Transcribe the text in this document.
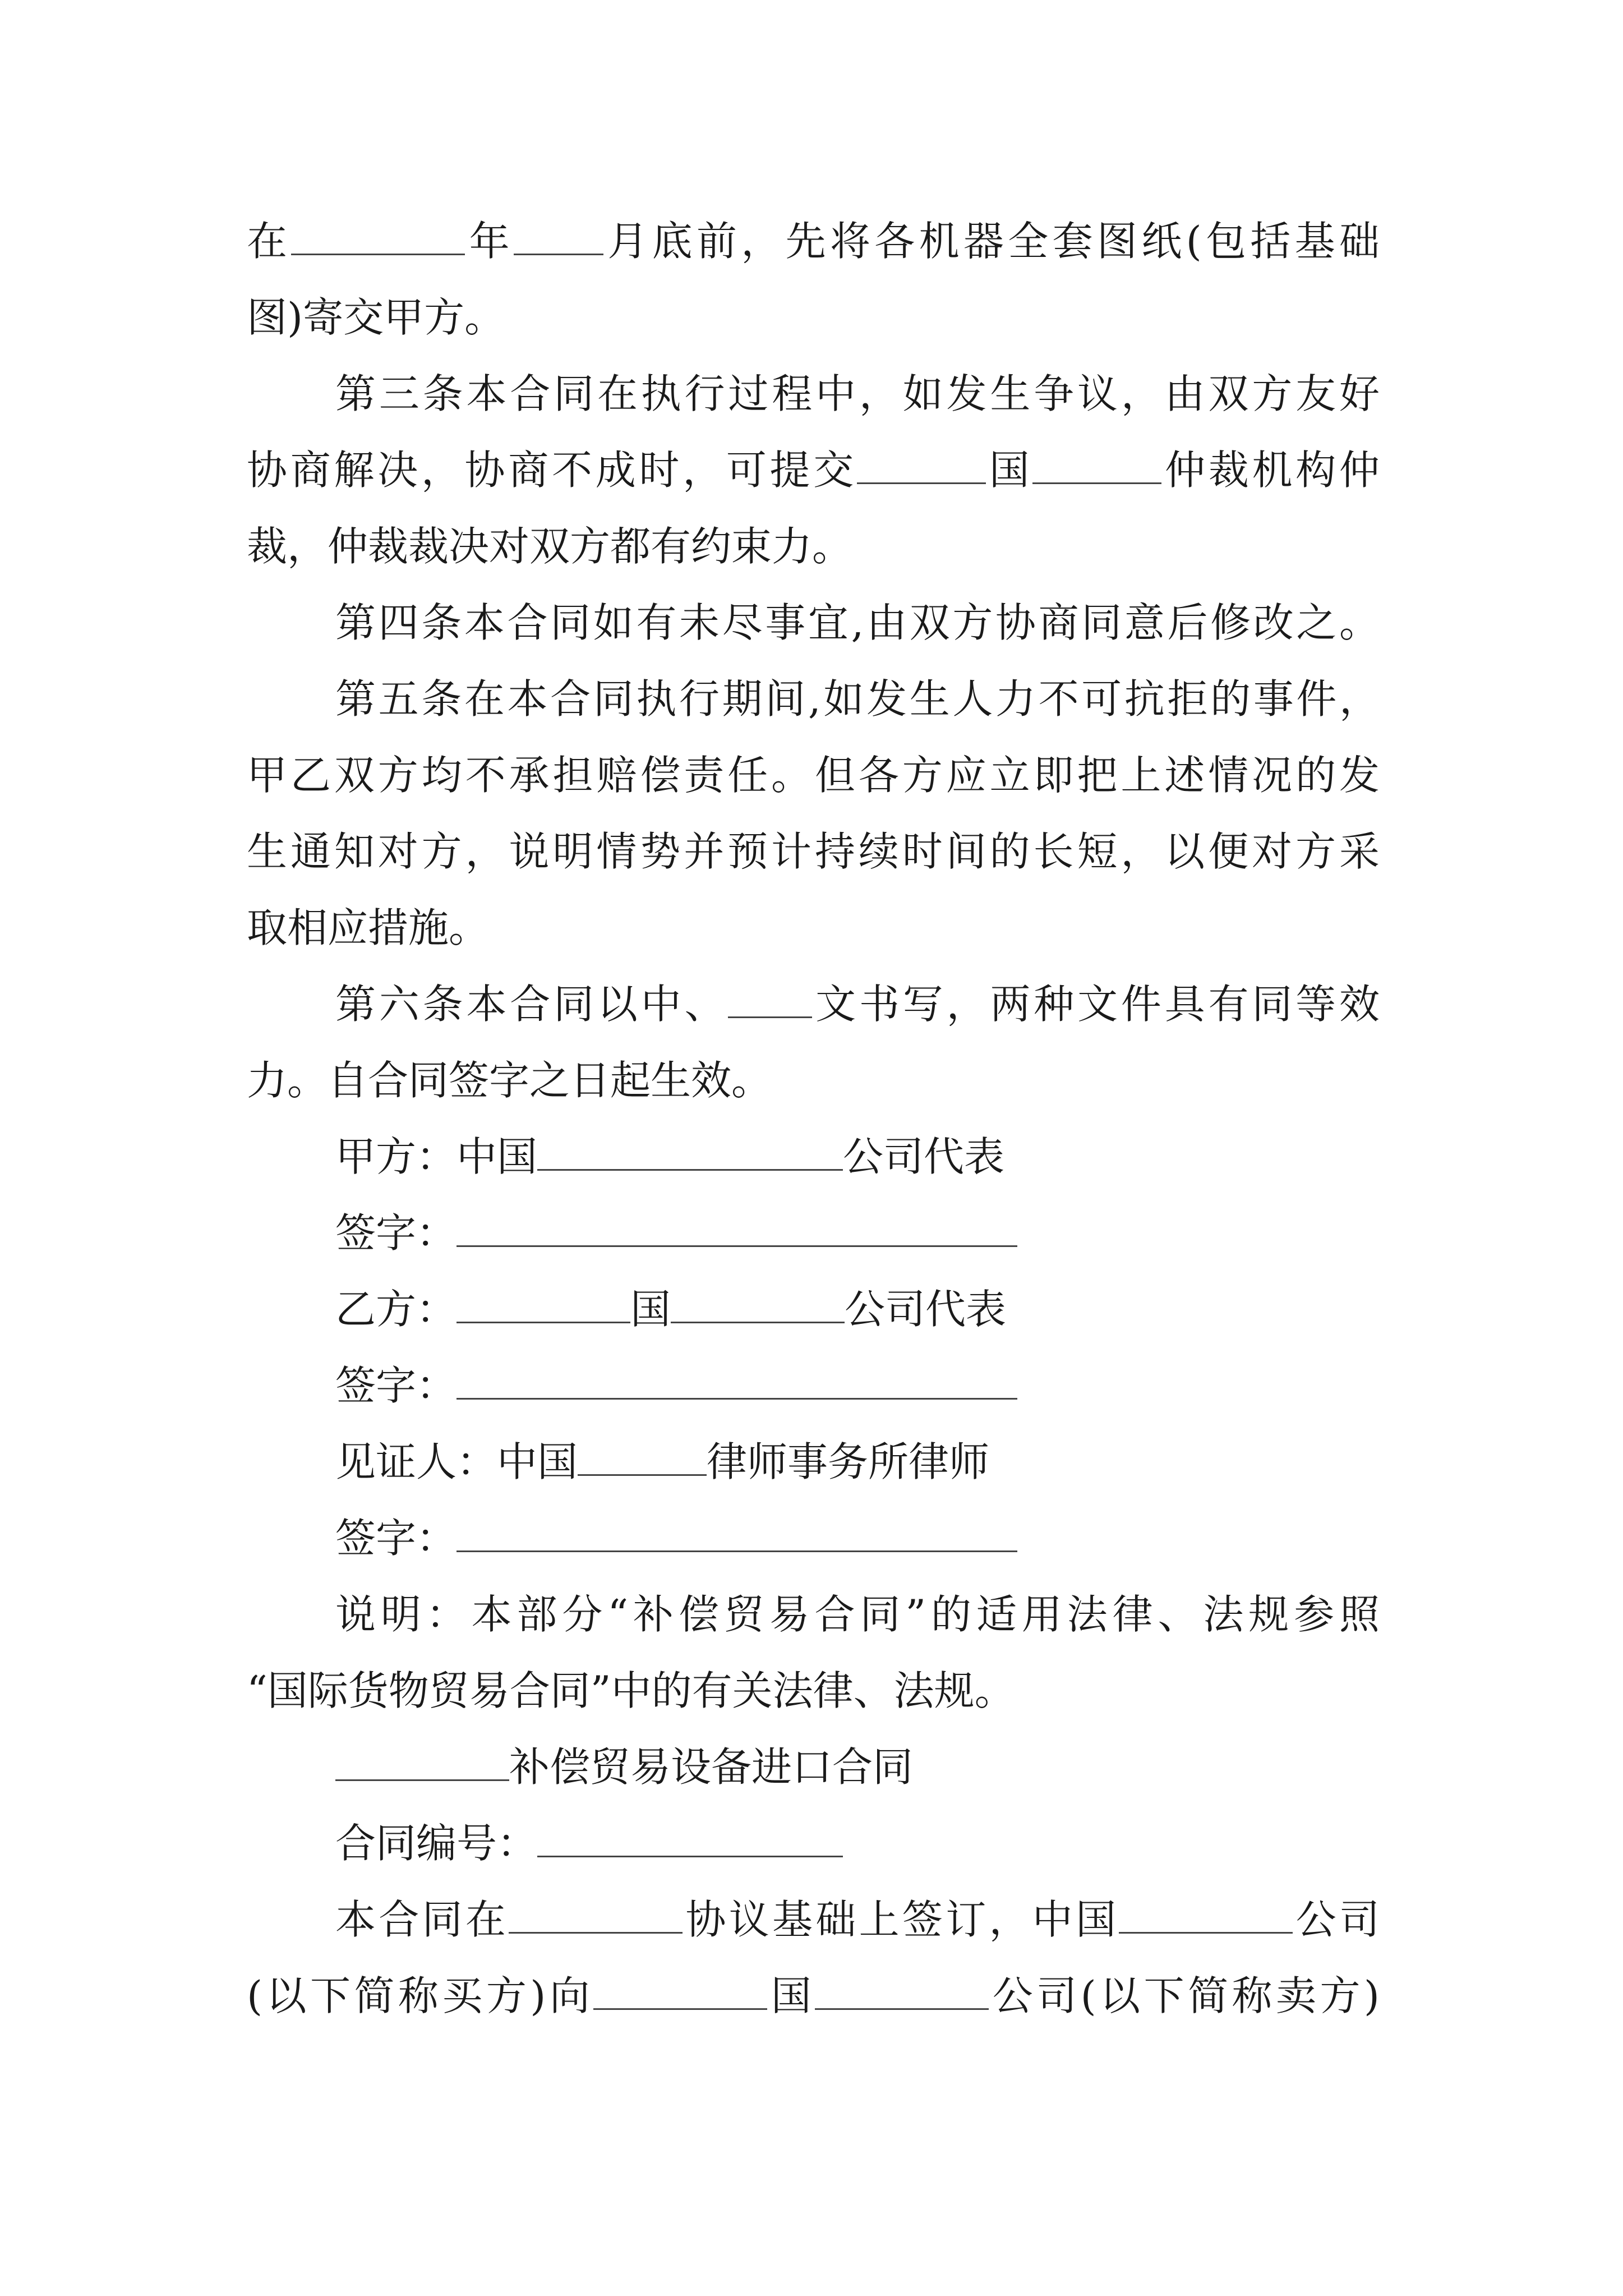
在	年 月底前，先将各机器全套图纸(包括基础
图)寄交甲方。
第三条本合同在执行过程中，如发生争议，由双方友好
协商解决，协商不成时，可提交	国	仲裁机构仲
裁，仲裁裁决对双方都有约束力。
第四条本合同如有未尽事宜,由双方协商同意后修改之。
第五条在本合同执行期间,如发生人力不可抗拒的事件，
甲乙双方均不承担赔偿责任。但各方应立即把上述情况的发
生通知对方，说明情势并预计持续时间的长短，以便对方采
取相应措施。
第六条本合同以中、 文书写，两种文件具有同等效
力。自合同签字之日起生效。
甲方：中国	公司代表
签字：
乙方：	国	公司代表
签字：
见证人：中国	律师事务所律师
签字：
说明：本部分“补偿贸易合同”的适用法律、法规参照
“国际货物贸易合同”中的有关法律、法规。
补偿贸易设备进口合同
合同编号：
本合同在	协议基础上签订，中国	公司
(以下简称买方)向	国	公司(以下简称卖方)
